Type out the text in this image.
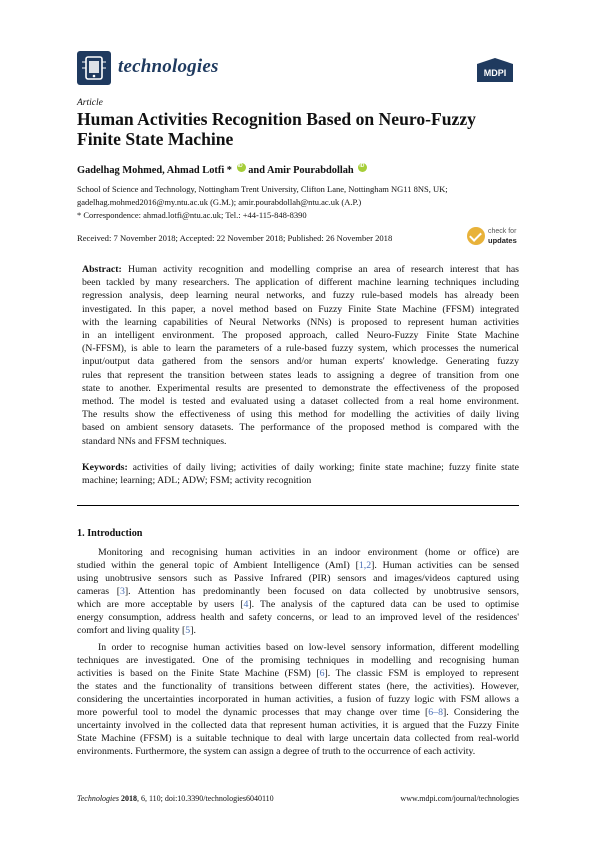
technologies	MDPI
Article
Human Activities Recognition Based on Neuro-Fuzzy
Finite State Machine
Gadelhag Mohmed, Ahmad Lotfi * iD and Amir Pourabdollah iD
School of Science and Technology, Nottingham Trent University, Clifton Lane, Nottingham NG11 8NS, UK;
gadelhag.mohmed2016@my.ntu.ac.uk (G.M.); amir.pourabdollah@ntu.ac.uk (A.P.)
* Correspondence: ahmad.lotfi@ntu.ac.uk; Tel.: +44-115-848-8390
Received: 7 November 2018; Accepted: 22 November 2018; Published: 26 November 2018
check for
updates
Abstract: Human activity recognition and modelling comprise an area of research interest that has
been tackled by many researchers. The application of different machine learning techniques including
regression analysis, deep learning neural networks, and fuzzy rule-based models has already been
investigated. In this paper, a novel method based on Fuzzy Finite State Machine (FFSM) integrated
with the learning capabilities of Neural Networks (NNs) is proposed to represent human activities
in an intelligent environment. The proposed approach, called Neuro-Fuzzy Finite State Machine
(N-FFSM), is able to learn the parameters of a rule-based fuzzy system, which processes the numerical
input/output data gathered from the sensors and/or human experts' knowledge. Generating fuzzy
rules that represent the transition between states leads to assigning a degree of transition from one
state to another. Experimental results are presented to demonstrate the effectiveness of the proposed
method. The model is tested and evaluated using a dataset collected from a real home environment.
The results show the effectiveness of using this method for modelling the activities of daily living
based on ambient sensory datasets. The performance of the proposed method is compared with the
standard NNs and FFSM techniques.
Keywords: activities of daily living; activities of daily working; finite state machine; fuzzy finite state
machine; learning; ADL; ADW; FSM; activity recognition
1. Introduction
Monitoring and recognising human activities in an indoor environment (home or office) are
studied within the general topic of Ambient Intelligence (AmI) [1,2]. Human activities can be sensed
using unobtrusive sensors such as Passive Infrared (PIR) sensors and images/videos captured using
cameras [3]. Attention has predominantly been focused on data collected by unobtrusive sensors,
which are more acceptable by users [4]. The analysis of the captured data can be used to optimise
energy consumption, address health and safety concerns, or lead to an improved level of the residences'
comfort and living quality [5].
In order to recognise human activities based on low-level sensory information, different modelling
techniques are investigated. One of the promising techniques in modelling and recognising human
activities is based on the Finite State Machine (FSM) [6]. The classic FSM is employed to represent
the states and the functionality of transitions between different states (here, the activities). However,
considering the uncertainties incorporated in human activities, a fusion of fuzzy logic with FSM allows a
more powerful tool to model the dynamic processes that may change over time [6–8]. Considering the
uncertainty involved in the collected data that represent human activities, it is argued that the Fuzzy Finite
State Machine (FFSM) is a suitable technique to deal with large uncertain data collected from real-world
environments. Furthermore, the system can assign a degree of truth to the occurrence of each activity.
Technologies 2018, 6, 110; doi:10.3390/technologies6040110	www.mdpi.com/journal/technologies
